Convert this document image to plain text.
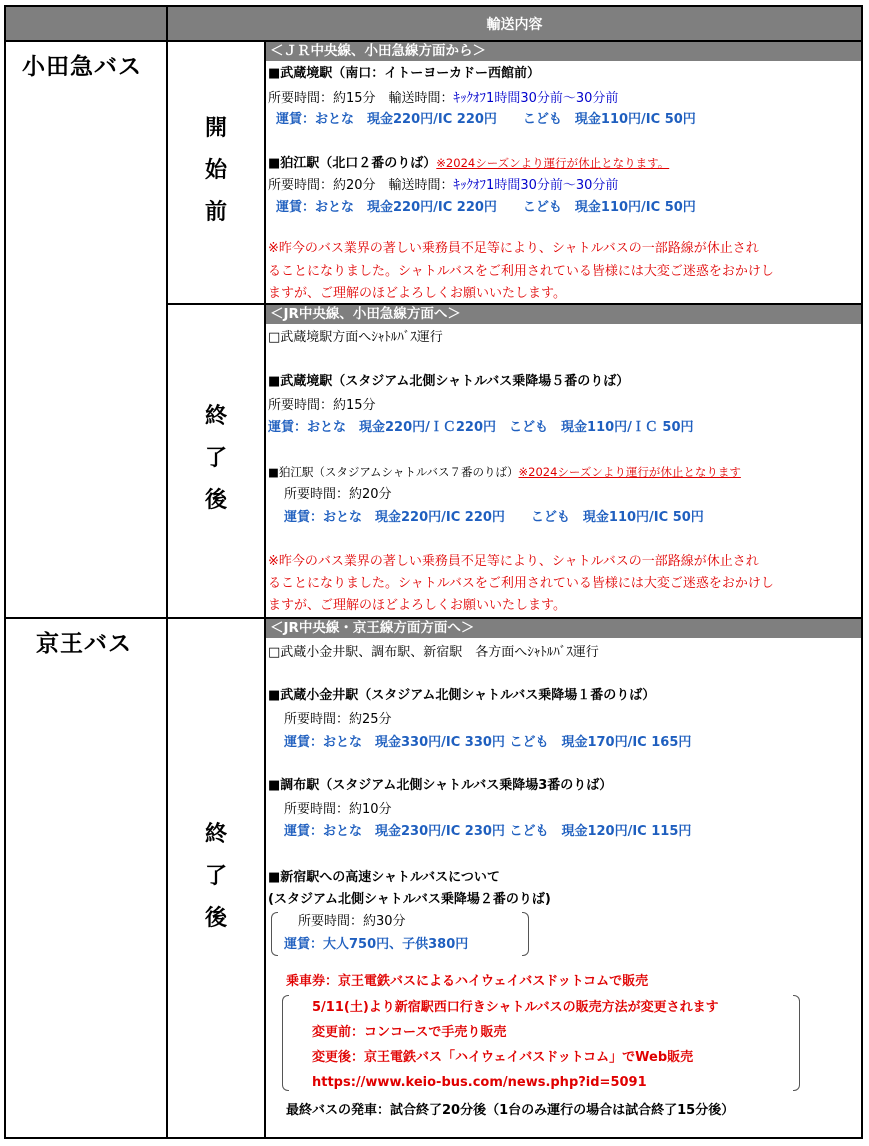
輸送内容
小田急バス
京王バス
開
始
前
終
了
後
終
了
後
＜ＪＲ中央線、小田急線方面から＞
■武蔵境駅（南口：イトーヨーカドー西館前）
所要時間：約15分　輸送時間：ｷｯｸｵﾌ1時間30分前〜30分前
運賃：おとな　現金220円/IC 220円　　こども　現金110円/IC 50円
■狛江駅（北口２番のりば）※2024シーズンより運行が休止となります。
所要時間：約20分　輸送時間：ｷｯｸｵﾌ1時間30分前〜30分前
運賃：おとな　現金220円/IC 220円　　こども　現金110円/IC 50円
※昨今のバス業界の著しい乗務員不足等により、シャトルバスの一部路線が休止され
ることになりました。シャトルバスをご利用されている皆様には大変ご迷惑をおかけし
ますが、ご理解のほどよろしくお願いいたします。
＜JR中央線、小田急線方面へ＞
□武蔵境駅方面へｼｬﾄﾙﾊﾞｽ運行
■武蔵境駅（スタジアム北側シャトルバス乗降場５番のりば）
所要時間：約15分
運賃：おとな　現金220円/ＩＣ220円　こども　現金110円/ＩＣ 50円
■狛江駅（スタジアムシャトルバス７番のりば）※2024シーズンより運行が休止となります
所要時間：約20分
運賃：おとな　現金220円/IC 220円　　こども　現金110円/IC 50円
※昨今のバス業界の著しい乗務員不足等により、シャトルバスの一部路線が休止され
ることになりました。シャトルバスをご利用されている皆様には大変ご迷惑をおかけし
ますが、ご理解のほどよろしくお願いいたします。
＜JR中央線・京王線方面方面へ＞
□武蔵小金井駅、調布駅、新宿駅　各方面へｼｬﾄﾙﾊﾞｽ運行
■武蔵小金井駅（スタジアム北側シャトルバス乗降場１番のりば）
所要時間：約25分
運賃：おとな　現金330円/IC 330円 こども　現金170円/IC 165円
■調布駅（スタジアム北側シャトルバス乗降場3番のりば）
所要時間：約10分
運賃：おとな　現金230円/IC 230円 こども　現金120円/IC 115円
■新宿駅への高速シャトルバスについて
(スタジアム北側シャトルバス乗降場２番のりば)
所要時間：約30分
運賃：大人750円、子供380円
乗車券：京王電鉄バスによるハイウェイバスドットコムで販売
5/11(土)より新宿駅西口行きシャトルバスの販売方法が変更されます
変更前：コンコースで手売り販売
変更後：京王電鉄バス「ハイウェイバスドットコム」でWeb販売
https://www.keio-bus.com/news.php?id=5091
最終バスの発車：試合終了20分後（1台のみ運行の場合は試合終了15分後）
